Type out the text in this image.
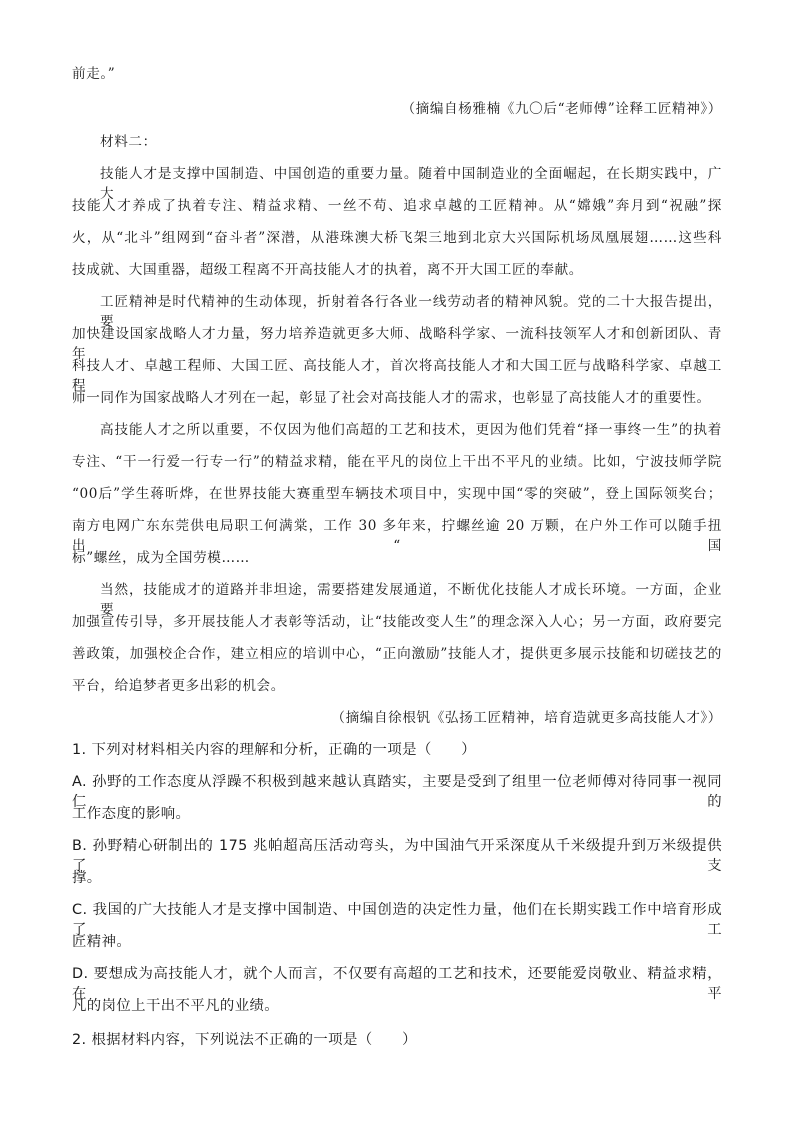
前走。”
（摘编自杨雅楠《九〇后“老师傅”诠释工匠精神》）
材料二：
技能人才是支撑中国制造、中国创造的重要力量。随着中国制造业的全面崛起，在长期实践中，广大
技能人才养成了执着专注、精益求精、一丝不苟、追求卓越的工匠精神。从“嫦娥”奔月到“祝融”探
火，从“北斗”组网到“奋斗者”深潜，从港珠澳大桥飞架三地到北京大兴国际机场凤凰展翅……这些科
技成就、大国重器，超级工程离不开高技能人才的执着，离不开大国工匠的奉献。
工匠精神是时代精神的生动体现，折射着各行各业一线劳动者的精神风貌。党的二十大报告提出，要
加快建设国家战略人才力量，努力培养造就更多大师、战略科学家、一流科技领军人才和创新团队、青年
科技人才、卓越工程师、大国工匠、高技能人才，首次将高技能人才和大国工匠与战略科学家、卓越工程
师一同作为国家战略人才列在一起，彰显了社会对高技能人才的需求，也彰显了高技能人才的重要性。
高技能人才之所以重要，不仅因为他们高超的工艺和技术，更因为他们凭着“择一事终一生”的执着
专注、“干一行爱一行专一行”的精益求精，能在平凡的岗位上干出不平凡的业绩。比如，宁波技师学院
“00后”学生蒋昕烨，在世界技能大赛重型车辆技术项目中，实现中国“零的突破”，登上国际领奖台；
南方电网广东东莞供电局职工何满棠，工作 30 多年来，拧螺丝逾 20 万颗，在户外工作可以随手扭出“国
标”螺丝，成为全国劳模……
当然，技能成才的道路并非坦途，需要搭建发展通道，不断优化技能人才成长环境。一方面，企业要
加强宣传引导，多开展技能人才表彰等活动，让“技能改变人生”的理念深入人心；另一方面，政府要完
善政策，加强校企合作，建立相应的培训中心，“正向激励”技能人才，提供更多展示技能和切磋技艺的
平台，给追梦者更多出彩的机会。
（摘编自徐根钒《弘扬工匠精神，培育造就更多高技能人才》）
1. 下列对材料相关内容的理解和分析，正确的一项是（　　）
A. 孙野的工作态度从浮躁不积极到越来越认真踏实，主要是受到了组里一位老师傅对待同事一视同仁的
工作态度的影响。
B. 孙野精心研制出的 175 兆帕超高压活动弯头，为中国油气开采深度从千米级提升到万米级提供了支
撑。
C. 我国的广大技能人才是支撑中国制造、中国创造的决定性力量，他们在长期实践工作中培育形成了工
匠精神。
D. 要想成为高技能人才，就个人而言，不仅要有高超的工艺和技术，还要能爱岗敬业、精益求精，在平
凡的岗位上干出不平凡的业绩。
2. 根据材料内容，下列说法不正确的一项是（　　）
